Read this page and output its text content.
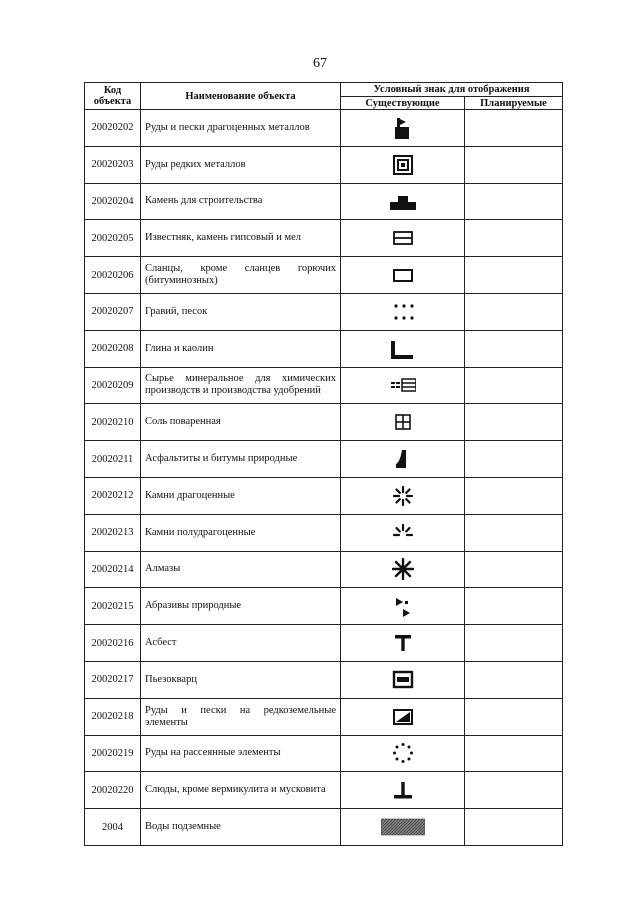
67
Код объекта	Наименование объекта	Условный знак для отображения	
		Существующие	Планируемые
20020202	Руды и пески драгоценных металлов		
20020203	Руды редких металлов		
20020204	Камень для строительства		
20020205	Известняк, камень гипсовый и мел		
20020206	Сланцы, кроме сланцев горючих (битуминозных)		
20020207	Гравий, песок		
20020208	Глина и каолин		
20020209	Сырье минеральное для химических производств и производства удобрений		
20020210	Соль поваренная		
20020211	Асфальтиты и битумы природные		
20020212	Камни драгоценные		
20020213	Камни полудрагоценные		
20020214	Алмазы		
20020215	Абразивы природные		
20020216	Асбест		
20020217	Пьезокварц		
20020218	Руды и пески на редкоземельные элементы		
20020219	Руды на рассеянные элементы		
20020220	Слюды, кроме вермикулита и мусковита		
2004	Воды подземные		
